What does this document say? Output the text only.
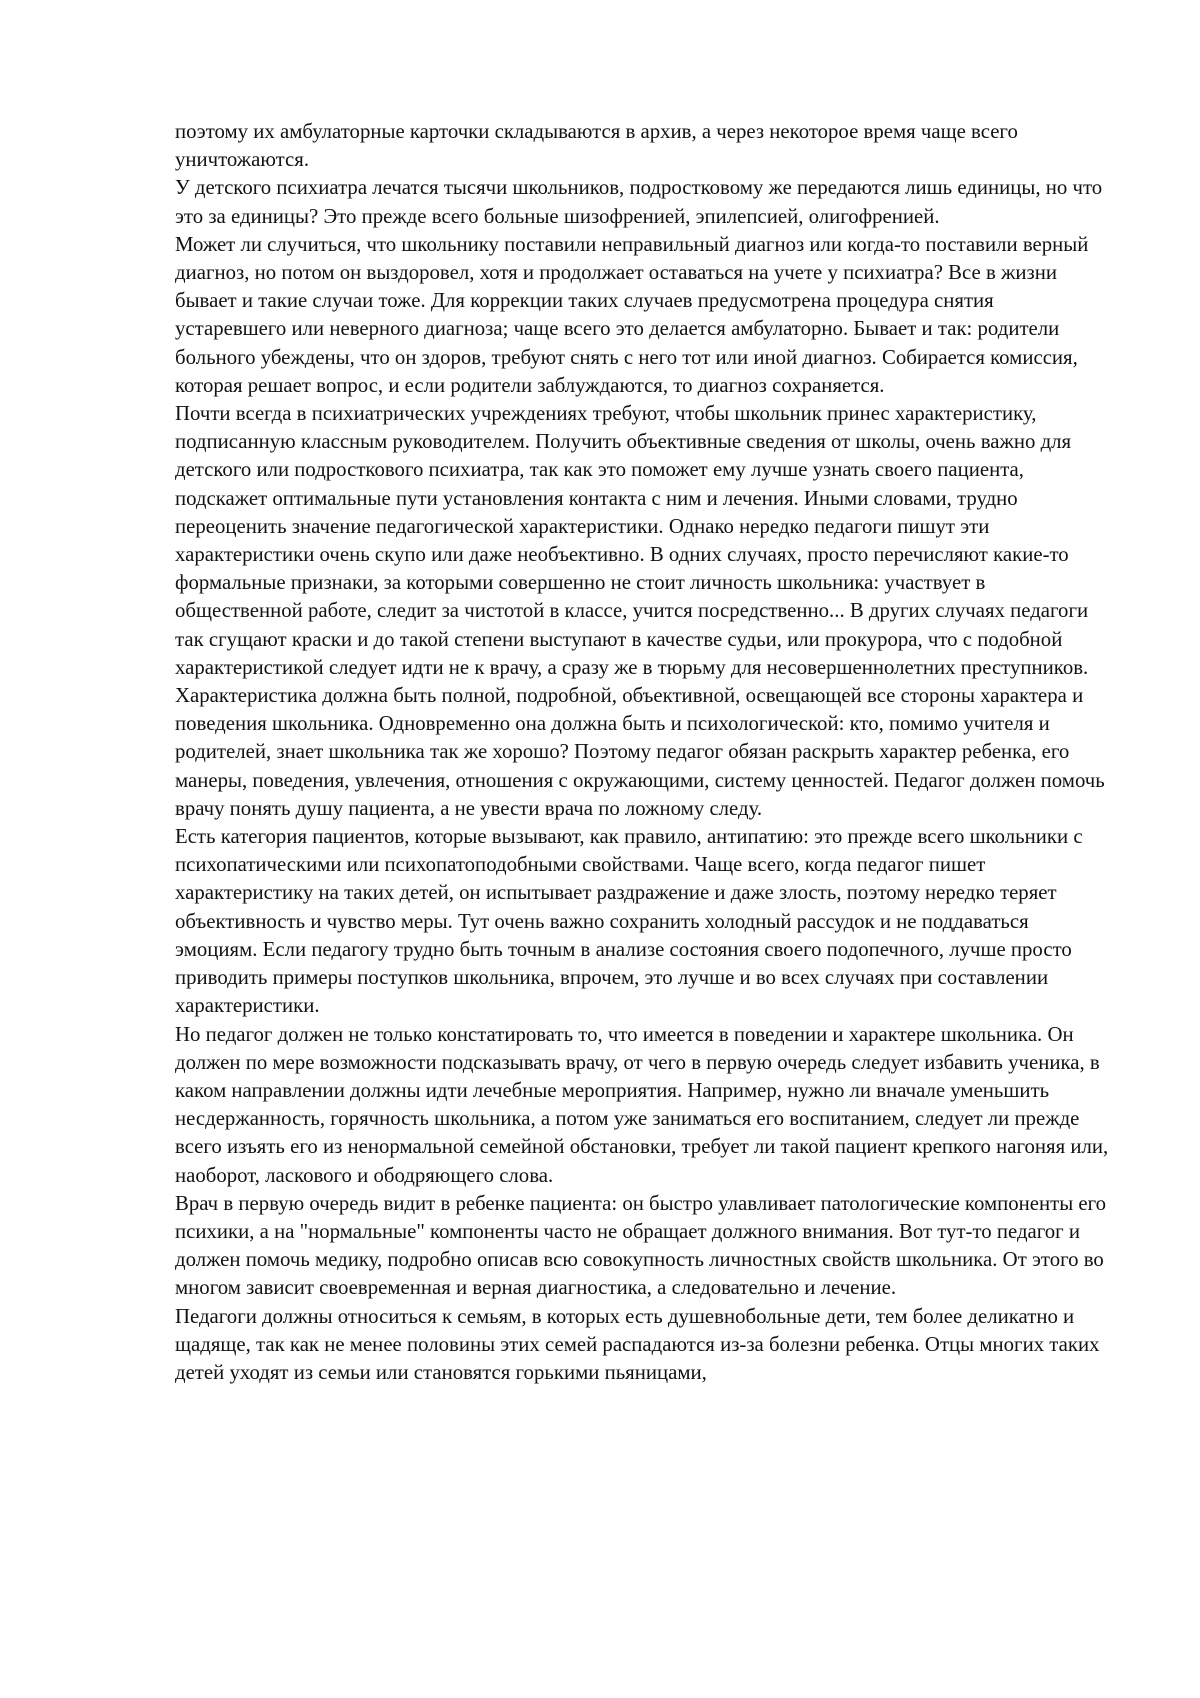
поэтому их амбулаторные карточки складываются в архив, а через некоторое время чаще всего уничтожаются.

У детского психиатра лечатся тысячи школьников, подростковому же передаются лишь единицы, но что это за единицы? Это прежде всего больные шизофренией, эпилепсией, олигофренией.

Может ли случиться, что школьнику поставили неправильный диагноз или когда-то поставили верный диагноз, но потом он выздоровел, хотя и продолжает оставаться на учете у психиатра? Все в жизни бывает и такие случаи тоже. Для коррекции таких случаев предусмотрена процедура снятия устаревшего или неверного диагноза; чаще всего это делается амбулаторно. Бывает и так: родители больного убеждены, что он здоров, требуют снять с него тот или иной диагноз. Собирается комиссия, которая решает вопрос, и если родители заблуждаются, то диагноз сохраняется.

Почти всегда в психиатрических учреждениях требуют, чтобы школьник принес характеристику, подписанную классным руководителем. Получить объективные сведения от школы, очень важно для детского или подросткового психиатра, так как это поможет ему лучше узнать своего пациента, подскажет оптимальные пути установления контакта с ним и лечения. Иными словами, трудно переоценить значение педагогической характеристики. Однако нередко педагоги пишут эти характеристики очень скупо или даже необъективно. В одних случаях, просто перечисляют какие-то формальные признаки, за которыми совершенно не стоит личность школьника: участвует в общественной работе, следит за чистотой в классе, учится посредственно... В других случаях педагоги так сгущают краски и до такой степени выступают в качестве судьи, или прокурора, что с подобной характеристикой следует идти не к врачу, а сразу же в тюрьму для несовершеннолетних преступников.

Характеристика должна быть полной, подробной, объективной, освещающей все стороны характера и поведения школьника. Одновременно она должна быть и психологической: кто, помимо учителя и родителей, знает школьника так же хорошо? Поэтому педагог обязан раскрыть характер ребенка, его манеры, поведения, увлечения, отношения с окружающими, систему ценностей. Педагог должен помочь врачу понять душу пациента, а не увести врача по ложному следу.

Есть категория пациентов, которые вызывают, как правило, антипатию: это прежде всего школьники с психопатическими или психопатоподобными свойствами. Чаще всего, когда педагог пишет характеристику на таких детей, он испытывает раздражение и даже злость, поэтому нередко теряет объективность и чувство меры. Тут очень важно сохранить холодный рассудок и не поддаваться эмоциям. Если педагогу трудно быть точным в анализе состояния своего подопечного, лучше просто приводить примеры поступков школьника, впрочем, это лучше и во всех случаях при составлении характеристики.

Но педагог должен не только констатировать то, что имеется в поведении и характере школьника. Он должен по мере возможности подсказывать врачу, от чего в первую очередь следует избавить ученика, в каком направлении должны идти лечебные мероприятия. Например, нужно ли вначале уменьшить несдержанность, горячность школьника, а потом уже заниматься его воспитанием, следует ли прежде всего изъять его из ненормальной семейной обстановки, требует ли такой пациент крепкого нагоняя или, наоборот, ласкового и ободряющего слова.

Врач в первую очередь видит в ребенке пациента: он быстро улавливает патологические компоненты его психики, а на "нормальные" компоненты часто не обращает должного внимания. Вот тут-то педагог и должен помочь медику, подробно описав всю совокупность личностных свойств школьника. От этого во многом зависит своевременная и верная диагностика, а следовательно и лечение.

Педагоги должны относиться к семьям, в которых есть душевнобольные дети, тем более деликатно и щадяще, так как не менее половины этих семей распадаются из-за болезни ребенка. Отцы многих таких детей уходят из семьи или становятся горькими пьяницами,
